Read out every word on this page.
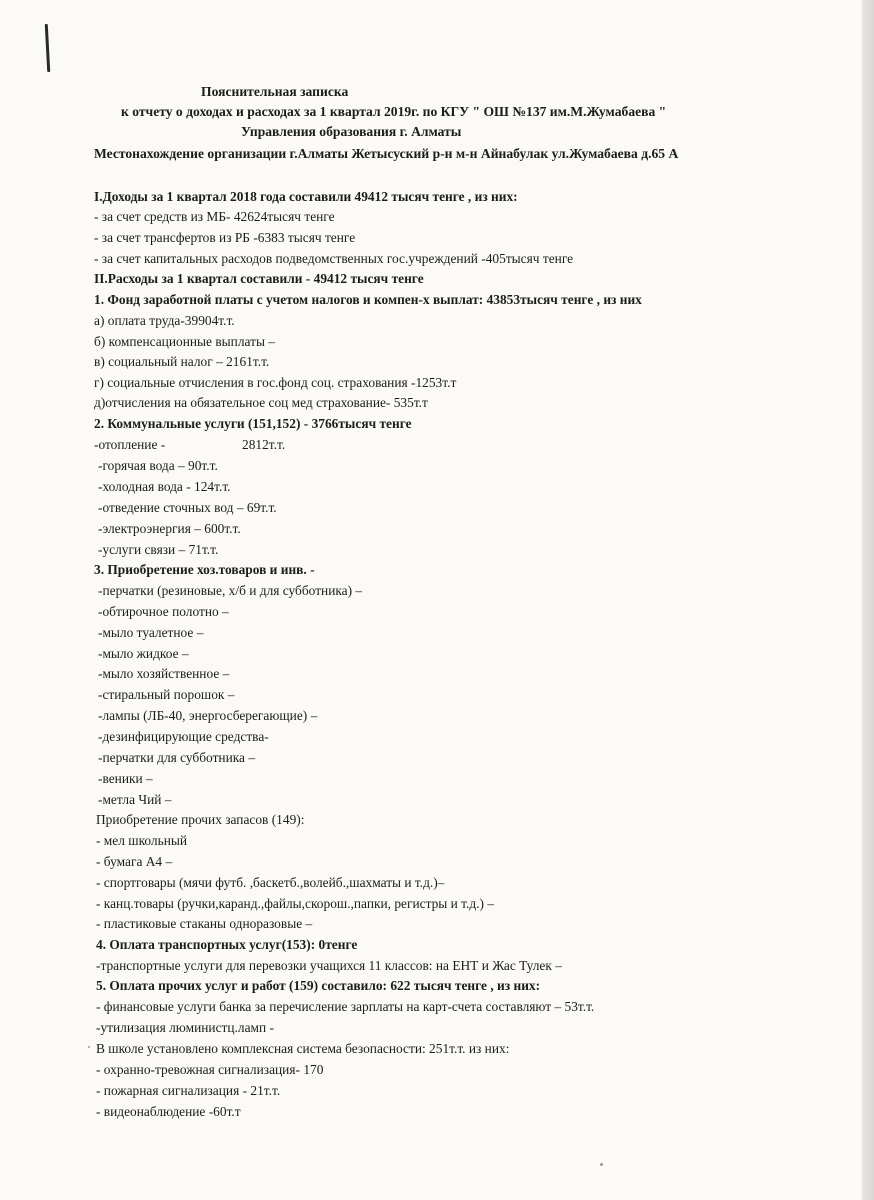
Пояснительная записка
к отчету о доходах и расходах за 1 квартал 2019г. по КГУ " ОШ №137 им.М.Жумабаева "
Управления образования г. Алматы
Местонахождение организации г.Алматы Жетысуский р-н м-н Айнабулак ул.Жумабаева д.65 А
I.Доходы за 1 квартал 2018 года составили 49412 тысяч тенге , из них:
- за счет средств из МБ- 42624тысяч тенге
- за счет трансфертов из РБ -6383 тысяч тенге
- за счет капитальных расходов подведомственных гос.учреждений -405тысяч тенге
II.Расходы за 1 квартал составили - 49412 тысяч тенге
1. Фонд заработной платы с учетом налогов и компен-х выплат: 43853тысяч тенге , из них
а) оплата труда-39904т.т.
б) компенсационные выплаты –
в) социальный налог – 2161т.т.
г) социальные отчисления в гос.фонд соц. страхования -1253т.т
д)отчисления на обязательное соц мед страхование- 535т.т
2. Коммунальные услуги (151,152) - 3766тысяч тенге
-отопление -	2812т.т.
-горячая вода – 90т.т.
-холодная вода - 124т.т.
-отведение сточных вод – 69т.т.
-электроэнергия – 600т.т.
-услуги связи – 71т.т.
3. Приобретение хоз.товаров и инв. -
-перчатки (резиновые, х/б и для субботника) –
-обтирочное полотно –
-мыло туалетное –
-мыло жидкое –
-мыло хозяйственное –
-стиральный порошок –
-лампы (ЛБ-40, энергосберегающие) –
-дезинфицирующие средства-
-перчатки для субботника –
-веники –
-метла Чий –
Приобретение прочих запасов (149):
- мел школьный
- бумага А4 –
- спортговары (мячи футб. ,баскетб.,волейб.,шахматы и т.д.)–
- канц.товары (ручки,каранд.,файлы,скорош.,папки, регистры и т.д.) –
- пластиковые стаканы одноразовые –
4. Оплата транспортных услуг(153): 0тенге
-транспортные услуги для перевозки учащихся 11 классов: на ЕНТ и Жас Тулек –
5. Оплата прочих услуг и работ (159) составило: 622 тысяч тенге , из них:
- финансовые услуги банка за перечисление зарплаты на карт-счета составляют – 53т.т.
-утилизация люминистц.ламп -
В школе установлено комплексная система безопасности: 251т.т. из них:
- охранно-тревожная сигнализация- 170
- пожарная сигнализация - 21т.т.
- видеонаблюдение -60т.т
